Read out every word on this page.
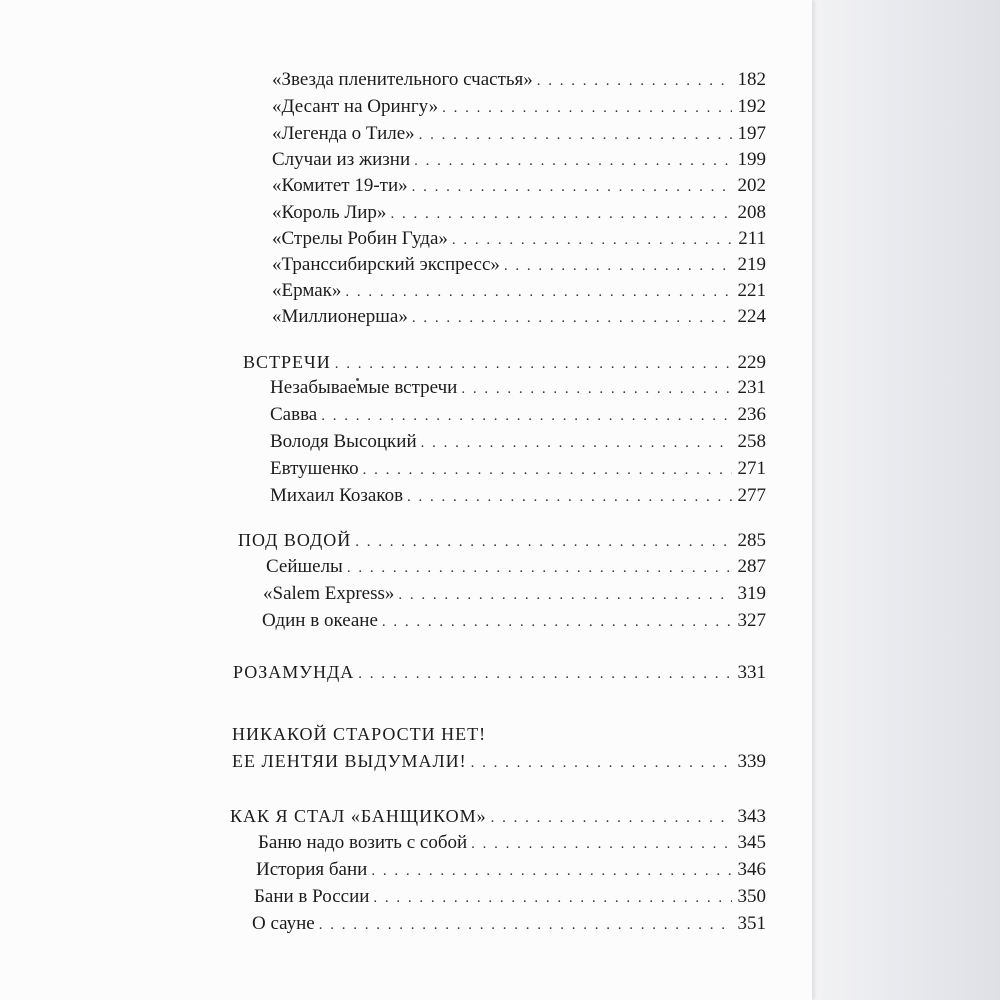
«Звезда пленительного счастья» . . .	182
«Десант на Орингу» . . .	192
«Легенда о Тиле» . . .	197
Случаи из жизни . . .	199
«Комитет 19-ти» . . .	202
«Король Лир» . . .	208
«Стрелы Робин Гуда» . . .	211
«Транссибирский экспресс» . . .	219
«Ермак» . . .	221
«Миллионерша» . . .	224
ВСТРЕЧИ . . .	229
Незабываемые встречи . . .	231
Савва . . .	236
Володя Высоцкий . . .	258
Евтушенко . . .	271
Михаил Козаков . . .	277
ПОД ВОДОЙ . . .	285
Сейшелы . . .	287
«Salem Express» . . .	319
Один в океане . . .	327
РОЗАМУНДА . . .	331
НИКАКОЙ СТАРОСТИ НЕТ!
ЕЕ ЛЕНТЯИ ВЫДУМАЛИ! . . .	339
КАК Я СТАЛ «БАНЩИКОМ» . . .	343
Баню надо возить с собой . . .	345
История бани . . .	346
Бани в России . . .	350
О сауне . . .	351
